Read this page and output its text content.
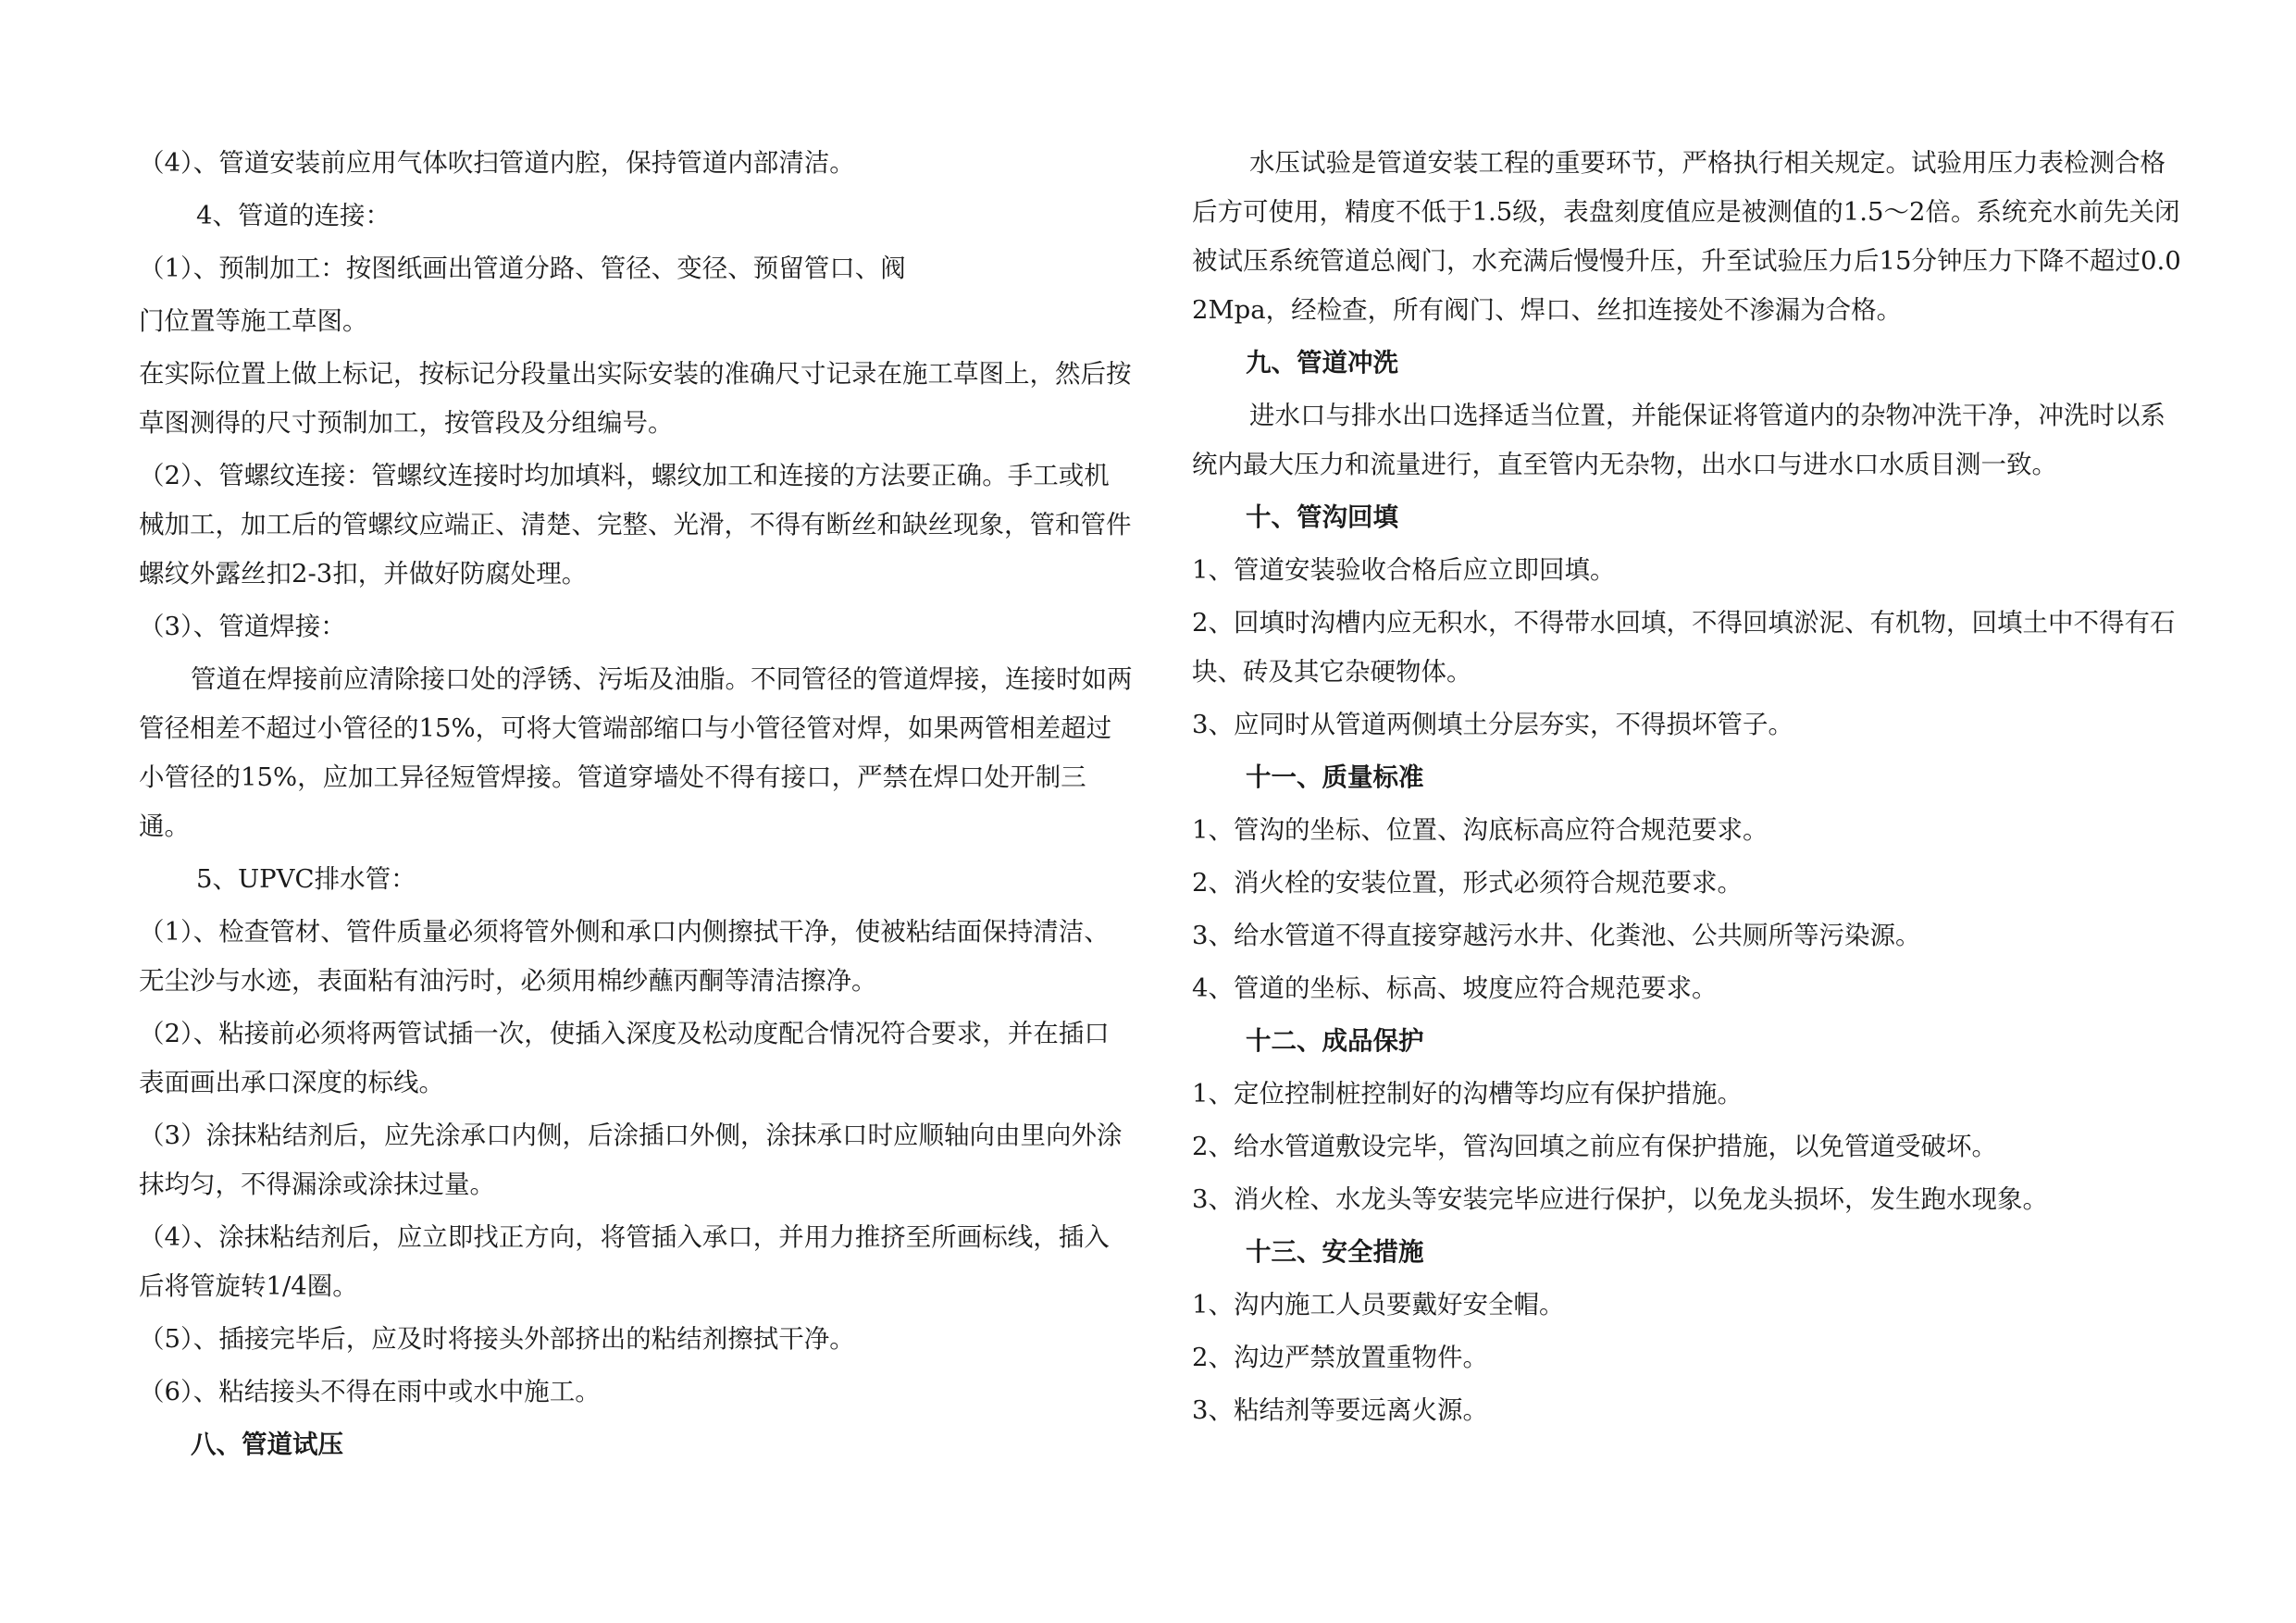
（4）、管道安装前应用气体吹扫管道内腔，保持管道内部清洁。

4、管道的连接：

（1）、预制加工：按图纸画出管道分路、管径、变径、预留管口、阀

门位置等施工草图。

在实际位置上做上标记，按标记分段量出实际安装的准确尺寸记录在施工草图上，然后按草图测得的尺寸预制加工，按管段及分组编号。

（2）、管螺纹连接：管螺纹连接时均加填料，螺纹加工和连接的方法要正确。手工或机械加工，加工后的管螺纹应端正、清楚、完整、光滑，不得有断丝和缺丝现象，管和管件螺纹外露丝扣2-3扣，并做好防腐处理。

（3）、管道焊接：

管道在焊接前应清除接口处的浮锈、污垢及油脂。不同管径的管道焊接，连接时如两管径相差不超过小管径的15%，可将大管端部缩口与小管径管对焊，如果两管相差超过小管径的15%，应加工异径短管焊接。管道穿墙处不得有接口，严禁在焊口处开制三通。

5、UPVC排水管：

（1）、检查管材、管件质量必须将管外侧和承口内侧擦拭干净，使被粘结面保持清洁、无尘沙与水迹，表面粘有油污时，必须用棉纱蘸丙酮等清洁擦净。

（2）、粘接前必须将两管试插一次，使插入深度及松动度配合情况符合要求，并在插口表面画出承口深度的标线。

（3）涂抹粘结剂后，应先涂承口内侧，后涂插口外侧，涂抹承口时应顺轴向由里向外涂抹均匀，不得漏涂或涂抹过量。

（4）、涂抹粘结剂后，应立即找正方向，将管插入承口，并用力推挤至所画标线，插入后将管旋转1/4圈。

（5）、插接完毕后，应及时将接头外部挤出的粘结剂擦拭干净。

（6）、粘结接头不得在雨中或水中施工。

八、管道试压

水压试验是管道安装工程的重要环节，严格执行相关规定。试验用压力表检测合格后方可使用，精度不低于1.5级，表盘刻度值应是被测值的1.5～2倍。系统充水前先关闭被试压系统管道总阀门，水充满后慢慢升压，升至试验压力后15分钟压力下降不超过0.02Mpa，经检查，所有阀门、焊口、丝扣连接处不渗漏为合格。

九、管道冲洗

进水口与排水出口选择适当位置，并能保证将管道内的杂物冲洗干净，冲洗时以系统内最大压力和流量进行，直至管内无杂物，出水口与进水口水质目测一致。

十、管沟回填

1、管道安装验收合格后应立即回填。

2、回填时沟槽内应无积水，不得带水回填，不得回填淤泥、有机物，回填土中不得有石块、砖及其它杂硬物体。

3、应同时从管道两侧填土分层夯实，不得损坏管子。

十一、质量标准

1、管沟的坐标、位置、沟底标高应符合规范要求。

2、消火栓的安装位置，形式必须符合规范要求。

3、给水管道不得直接穿越污水井、化粪池、公共厕所等污染源。

4、管道的坐标、标高、坡度应符合规范要求。

十二、成品保护

1、定位控制桩控制好的沟槽等均应有保护措施。

2、给水管道敷设完毕，管沟回填之前应有保护措施，以免管道受破坏。

3、消火栓、水龙头等安装完毕应进行保护，以免龙头损坏，发生跑水现象。

十三、安全措施

1、沟内施工人员要戴好安全帽。

2、沟边严禁放置重物件。

3、粘结剂等要远离火源。
